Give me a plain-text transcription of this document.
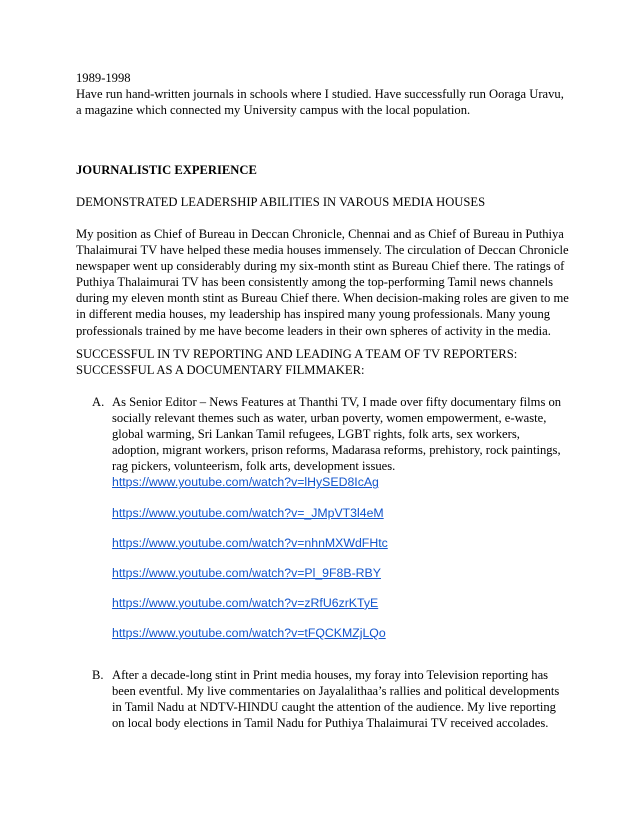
1989-1998

Have run hand-written journals in schools where I studied. Have successfully run Ooraga Uravu, a magazine which connected my University campus with the local population.

JOURNALISTIC EXPERIENCE

DEMONSTRATED LEADERSHIP ABILITIES IN VAROUS MEDIA HOUSES

My position as Chief of Bureau in Deccan Chronicle, Chennai and as Chief of Bureau in Puthiya Thalaimurai TV have helped these media houses immensely. The circulation of Deccan Chronicle newspaper went up considerably during my six-month stint as Bureau Chief there. The ratings of Puthiya Thalaimurai TV has been consistently among the top-performing Tamil news channels during my eleven month stint as Bureau Chief there. When decision-making roles are given to me in different media houses, my leadership has inspired many young professionals. Many young professionals trained by me have become leaders in their own spheres of activity in the media.

SUCCESSFUL IN TV REPORTING AND LEADING A TEAM OF TV REPORTERS:

SUCCESSFUL AS A DOCUMENTARY FILMMAKER:

A. As Senior Editor – News Features at Thanthi TV, I made over fifty documentary films on socially relevant themes such as water, urban poverty, women empowerment, e-waste, global warming, Sri Lankan Tamil refugees, LGBT rights, folk arts, sex workers, adoption, migrant workers, prison reforms, Madarasa reforms, prehistory, rock paintings, rag pickers, volunteerism, folk arts, development issues.

https://www.youtube.com/watch?v=lHySED8IcAg
https://www.youtube.com/watch?v=_JMpVT3l4eM
https://www.youtube.com/watch?v=nhnMXWdFHtc
https://www.youtube.com/watch?v=Pl_9F8B-RBY
https://www.youtube.com/watch?v=zRfU6zrKTyE
https://www.youtube.com/watch?v=tFQCKMZjLQo
B. After a decade-long stint in Print media houses, my foray into Television reporting has been eventful. My live commentaries on Jayalalithaa’s rallies and political developments in Tamil Nadu at NDTV-HINDU caught the attention of the audience. My live reporting on local body elections in Tamil Nadu for Puthiya Thalaimurai TV received accolades.
